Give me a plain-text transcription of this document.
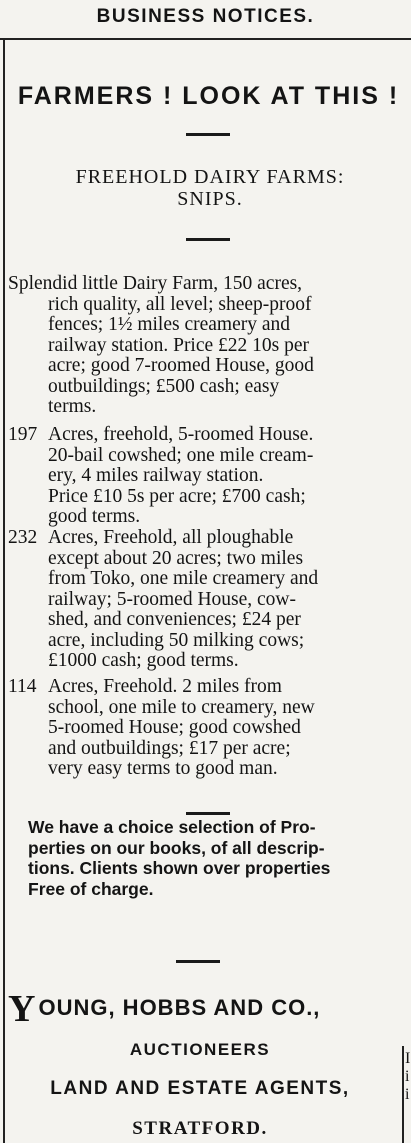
BUSINESS NOTICES.
FARMERS ! LOOK AT THIS !
FREEHOLD DAIRY FARMS:
SNIPS.
Splendid little Dairy Farm, 150 acres,
rich quality, all level; sheep-proof
fences; 1½ miles creamery and
railway station. Price £22 10s per
acre; good 7-roomed House, good
outbuildings; £500 cash; easy
terms.
197 Acres, freehold, 5-roomed House.
20-bail cowshed; one mile cream-
ery, 4 miles railway station.
Price £10 5s per acre; £700 cash;
good terms.
232 Acres, Freehold, all ploughable
except about 20 acres; two miles
from Toko, one mile creamery and
railway; 5-roomed House, cow-
shed, and conveniences; £24 per
acre, including 50 milking cows;
£1000 cash; good terms.
114 Acres, Freehold. 2 miles from
school, one mile to creamery, new
5-roomed House; good cowshed
and outbuildings; £17 per acre;
very easy terms to good man.
We have a choice selection of Pro-
perties on our books, of all descrip-
tions. Clients shown over properties
Free of charge.
YOUNG, HOBBS AND CO.,
AUCTIONEERS
LAND AND ESTATE AGENTS,
STRATFORD.
I
i
i
